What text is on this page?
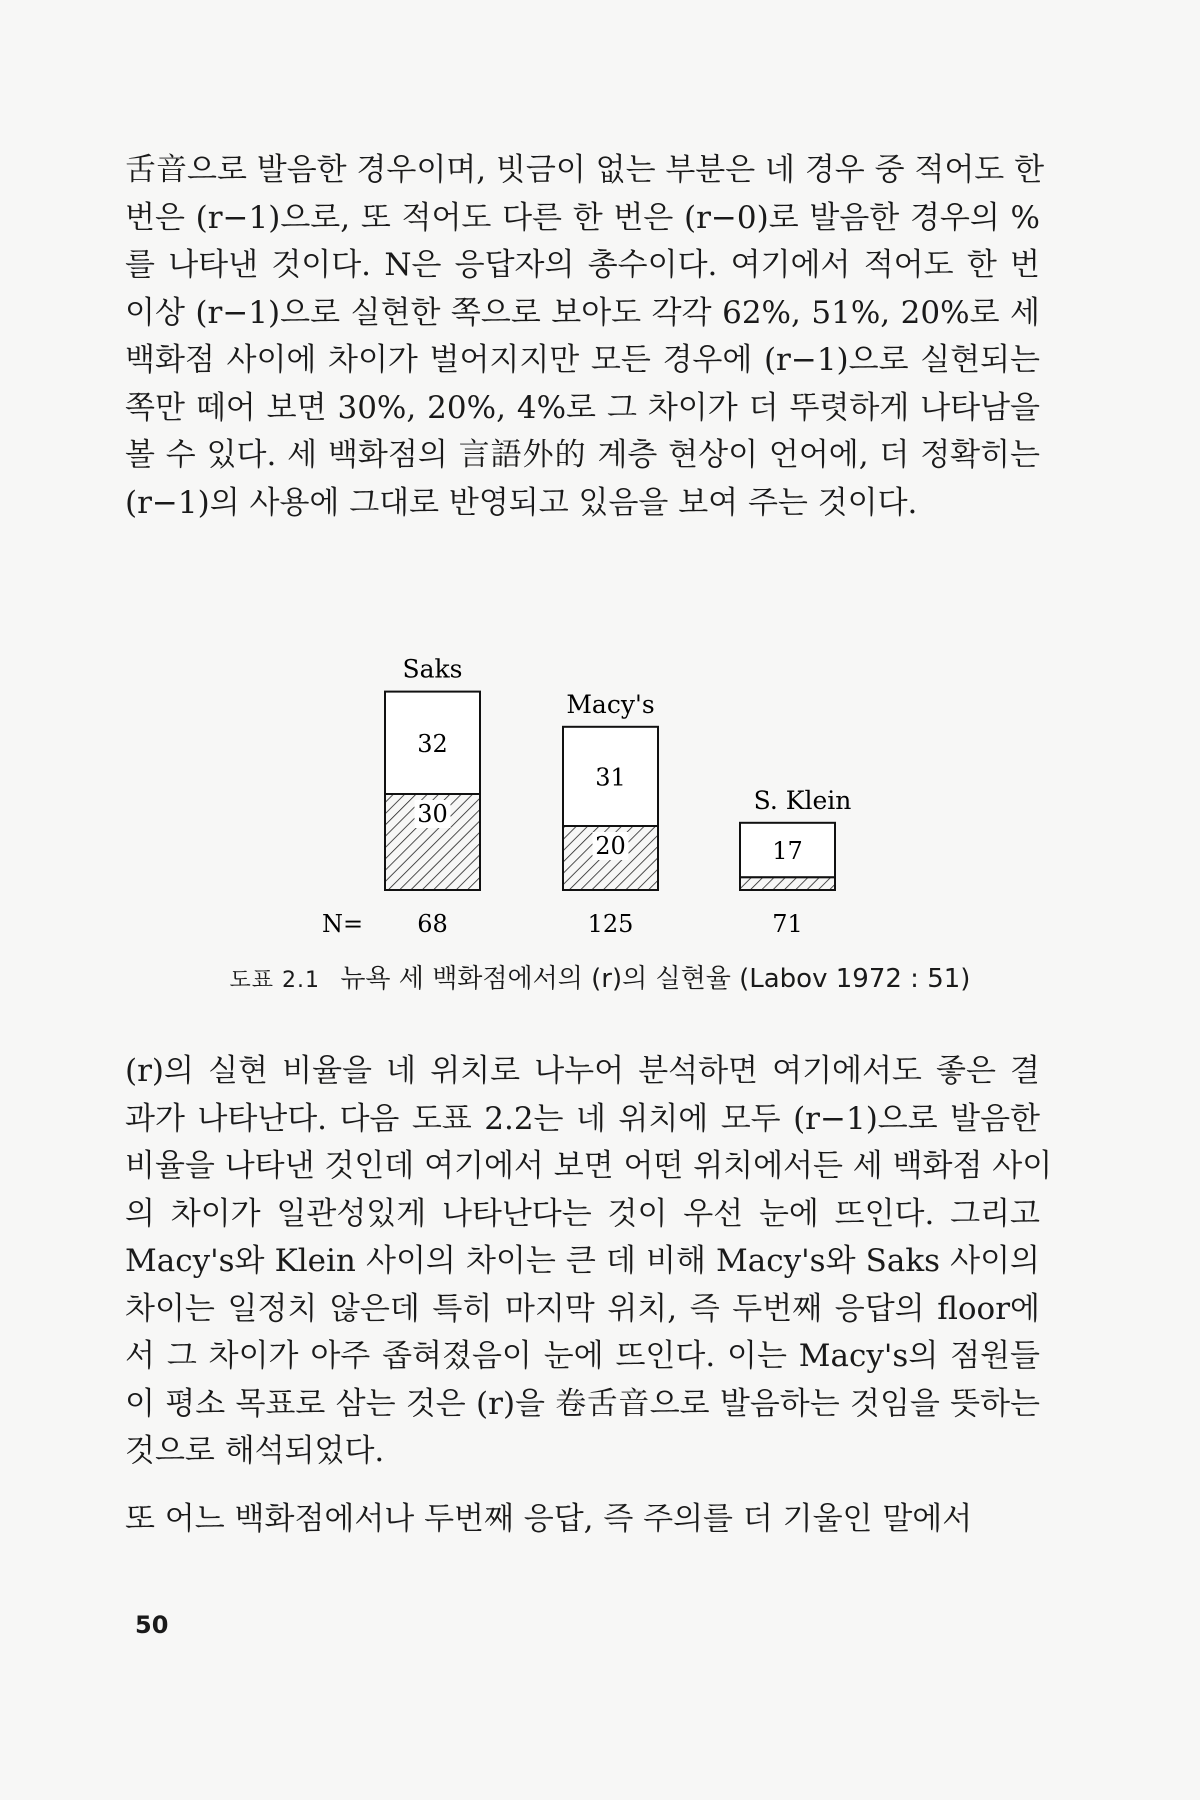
舌音으로 발음한 경우이며, 빗금이 없는 부분은 네 경우 중 적어도 한
번은 (r−1)으로, 또 적어도 다른 한 번은 (r−0)로 발음한 경우의 %
를 나타낸 것이다. N은 응답자의 총수이다. 여기에서 적어도 한 번
이상 (r−1)으로 실현한 쪽으로 보아도 각각 62%, 51%, 20%로 세
백화점 사이에 차이가 벌어지지만 모든 경우에 (r−1)으로 실현되는
쪽만 떼어 보면 30%, 20%, 4%로 그 차이가 더 뚜렷하게 나타남을
볼 수 있다. 세 백화점의 言語外的 계층 현상이 언어에, 더 정확히는
(r−1)의 사용에 그대로 반영되고 있음을 보여 주는 것이다.
Saks
32
30
68
Macy's
31
20
125
S. Klein
17
71
N=
도표 2.1 뉴욕 세 백화점에서의 (r)의 실현율 (Labov 1972 : 51)
(r)의 실현 비율을 네 위치로 나누어 분석하면 여기에서도 좋은 결
과가 나타난다. 다음 도표 2.2는 네 위치에 모두 (r−1)으로 발음한
비율을 나타낸 것인데 여기에서 보면 어떤 위치에서든 세 백화점 사이
의 차이가 일관성있게 나타난다는 것이 우선 눈에 뜨인다. 그리고
Macy's와 Klein 사이의 차이는 큰 데 비해 Macy's와 Saks 사이의
차이는 일정치 않은데 특히 마지막 위치, 즉 두번째 응답의 floor에
서 그 차이가 아주 좁혀졌음이 눈에 뜨인다. 이는 Macy's의 점원들
이 평소 목표로 삼는 것은 (r)을 卷舌音으로 발음하는 것임을 뜻하는
것으로 해석되었다.
또 어느 백화점에서나 두번째 응답, 즉 주의를 더 기울인 말에서
50
